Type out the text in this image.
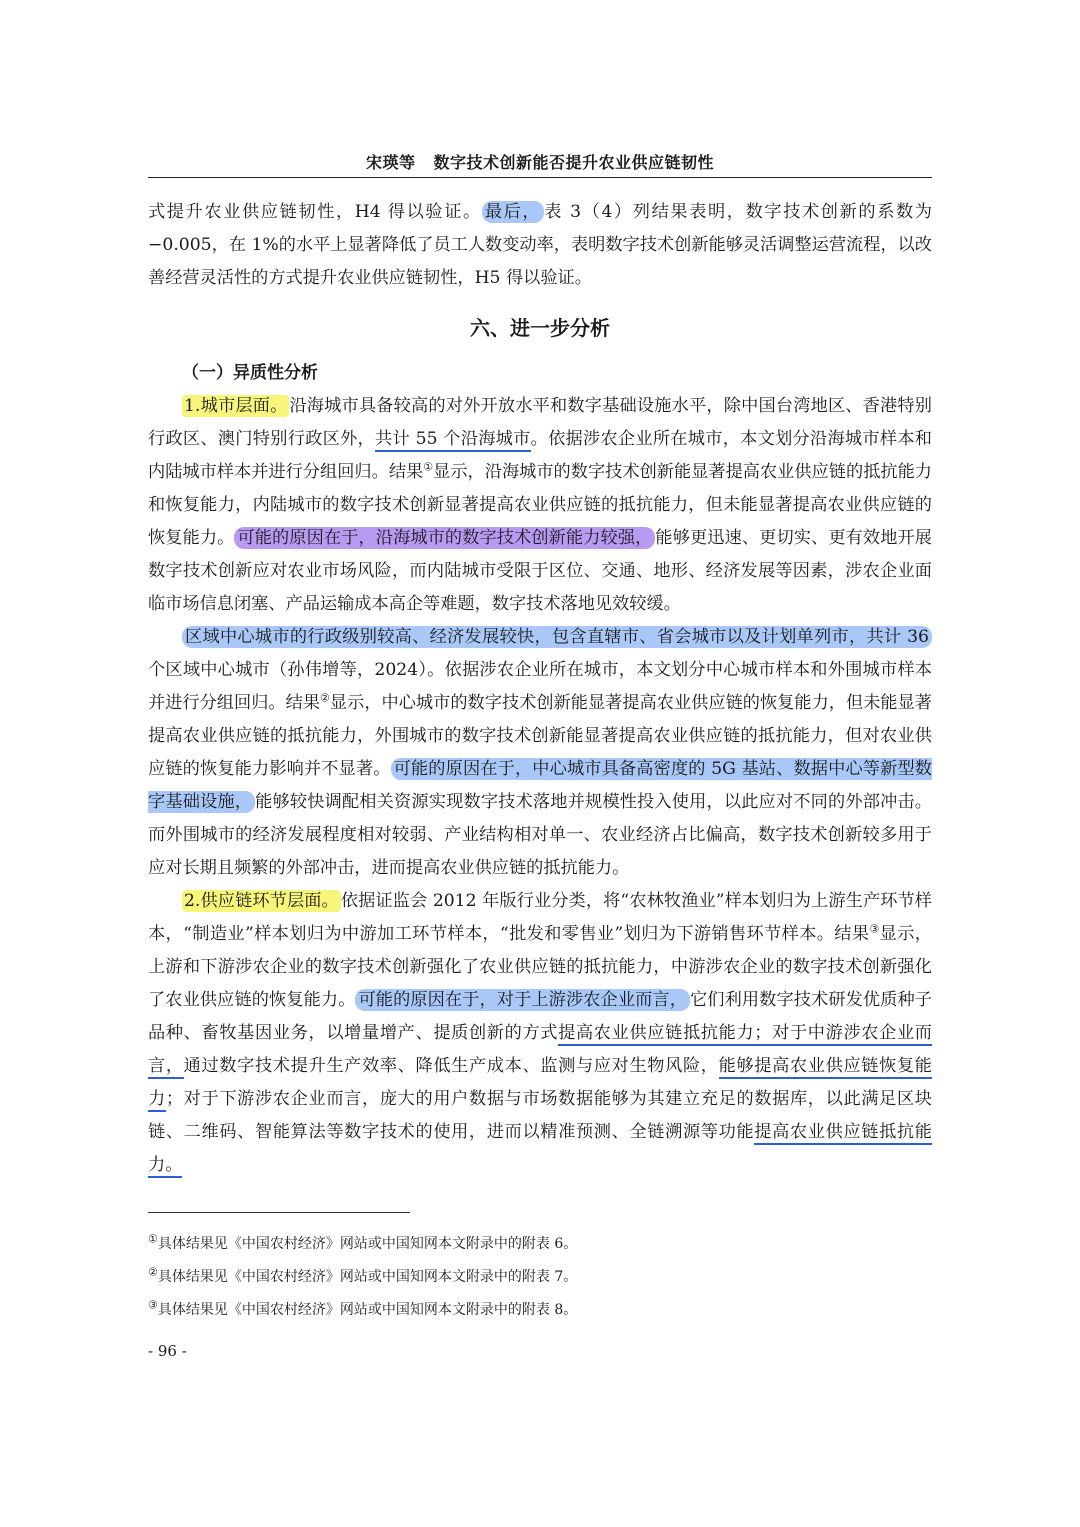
宋瑛等 数字技术创新能否提升农业供应链韧性

式提升农业供应链韧性，H4 得以验证。 最后， 表 3（4）列结果表明，数字技术创新的系数为−0.005，在 1%的水平上显著降低了员工人数变动率，表明数字技术创新能够灵活调整运营流程，以改善经营灵活性的方式提升农业供应链韧性，H5 得以验证。

六、进一步分析
（一）异质性分析

1.城市层面。 沿海城市具备较高的对外开放水平和数字基础设施水平，除中国台湾地区、香港特别行政区、澳门特别行政区外，共计 55 个沿海城市。依据涉农企业所在城市，本文划分沿海城市样本和内陆城市样本并进行分组回归。结果①显示，沿海城市的数字技术创新能显著提高农业供应链的抵抗能力和恢复能力，内陆城市的数字技术创新显著提高农业供应链的抵抗能力，但未能显著提高农业供应链的恢复能力。 可能的原因在于，沿海城市的数字技术创新能力较强， 能够更迅速、更切实、更有效地开展数字技术创新应对农业市场风险，而内陆城市受限于区位、交通、地形、经济发展等因素，涉农企业面临市场信息闭塞、产品运输成本高企等难题，数字技术落地见效较缓。

区域中心城市的行政级别较高、经济发展较快，包含直辖市、省会城市以及计划单列市，共计 36个区域中心城市（孙伟增等，2024）。依据涉农企业所在城市，本文划分中心城市样本和外围城市样本并进行分组回归。结果②显示，中心城市的数字技术创新能显著提高农业供应链的恢复能力，但未能显著提高农业供应链的抵抗能力，外围城市的数字技术创新能显著提高农业供应链的抵抗能力，但对农业供应链的恢复能力影响并不显著。 可能的原因在于，中心城市具备高密度的 5G 基站、数据中心等新型数字基础设施， 能够较快调配相关资源实现数字技术落地并规模性投入使用，以此应对不同的外部冲击。而外围城市的经济发展程度相对较弱、产业结构相对单一、农业经济占比偏高，数字技术创新较多用于应对长期且频繁的外部冲击，进而提高农业供应链的抵抗能力。

2.供应链环节层面。 依据证监会 2012 年版行业分类，将“农林牧渔业”样本划归为上游生产环节样本，“制造业”样本划归为中游加工环节样本，“批发和零售业”划归为下游销售环节样本。结果③显示，上游和下游涉农企业的数字技术创新强化了农业供应链的抵抗能力，中游涉农企业的数字技术创新强化了农业供应链的恢复能力。 可能的原因在于，对于上游涉农企业而言， 它们利用数字技术研发优质种子品种、畜牧基因业务，以增量增产、提质创新的方式提高农业供应链抵抗能力；对于中游涉农企业而言，通过数字技术提升生产效率、降低生产成本、监测与应对生物风险，能够提高农业供应链恢复能力；对于下游涉农企业而言，庞大的用户数据与市场数据能够为其建立充足的数据库，以此满足区块链、二维码、智能算法等数字技术的使用，进而以精准预测、全链溯源等功能提高农业供应链抵抗能力。

①具体结果见《中国农村经济》网站或中国知网本文附录中的附表 6。
②具体结果见《中国农村经济》网站或中国知网本文附录中的附表 7。
③具体结果见《中国农村经济》网站或中国知网本文附录中的附表 8。
- 96 -
